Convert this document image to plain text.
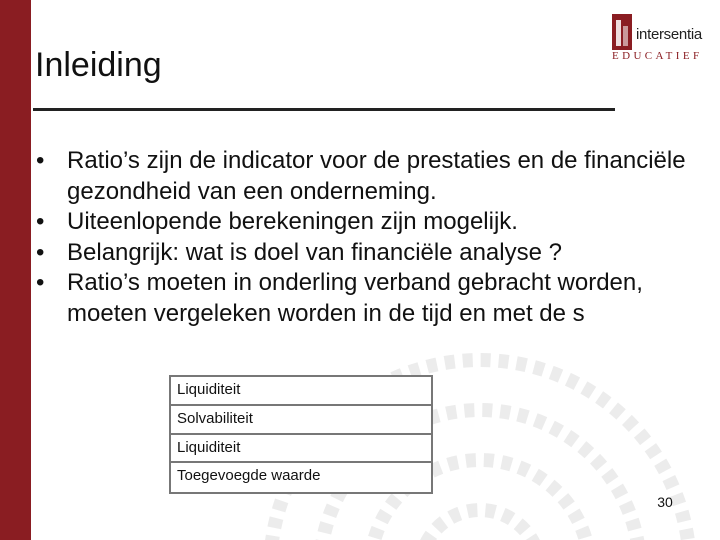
intersentia
EDUCATIEF
Inleiding
• Ratio’s zijn de indicator voor de prestaties en de financiële gezondheid van een onderneming.
• Uiteenlopende berekeningen zijn mogelijk.
• Belangrijk: wat is doel van financiële analyse ?
• Ratio’s moeten in onderling verband gebracht worden, moeten vergeleken worden in de tijd en met de s
Liquiditeit
Solvabiliteit
Liquiditeit
Toegevoegde waarde
30
